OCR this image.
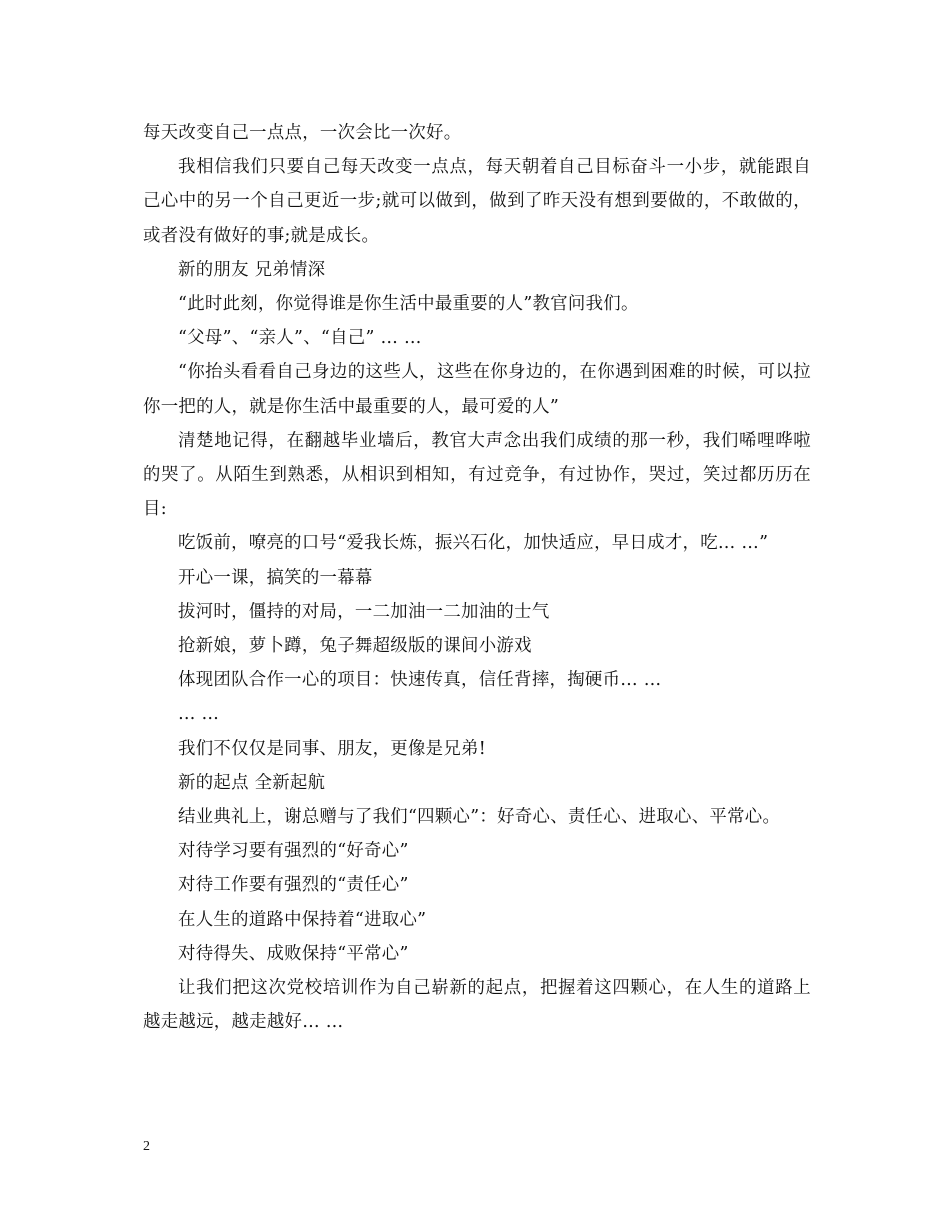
每天改变自己一点点，一次会比一次好。

我相信我们只要自己每天改变一点点，每天朝着自己目标奋斗一小步，就能跟自己心中的另一个自己更近一步;就可以做到，做到了昨天没有想到要做的，不敢做的，或者没有做好的事;就是成长。

新的朋友 兄弟情深

“此时此刻，你觉得谁是你生活中最重要的人”教官问我们。

“父母”、“亲人”、“自己” … …

“你抬头看看自己身边的这些人，这些在你身边的，在你遇到困难的时候，可以拉你一把的人，就是你生活中最重要的人，最可爱的人”

清楚地记得，在翻越毕业墙后，教官大声念出我们成绩的那一秒，我们唏哩哗啦的哭了。从陌生到熟悉，从相识到相知，有过竞争，有过协作，哭过，笑过都历历在目:

吃饭前，嘹亮的口号“爱我长炼，振兴石化，加快适应，早日成才，吃… …”

开心一课，搞笑的一幕幕

拔河时，僵持的对局，一二加油一二加油的士气

抢新娘，萝卜蹲，兔子舞超级版的课间小游戏

体现团队合作一心的项目：快速传真，信任背摔，掏硬币… …

… …

我们不仅仅是同事、朋友，更像是兄弟!

新的起点 全新起航

结业典礼上，谢总赠与了我们“四颗心”：好奇心、责任心、进取心、平常心。

对待学习要有强烈的“好奇心”

对待工作要有强烈的“责任心”

在人生的道路中保持着“进取心”

对待得失、成败保持“平常心”

让我们把这次党校培训作为自己崭新的起点，把握着这四颗心，在人生的道路上越走越远，越走越好… …

2
